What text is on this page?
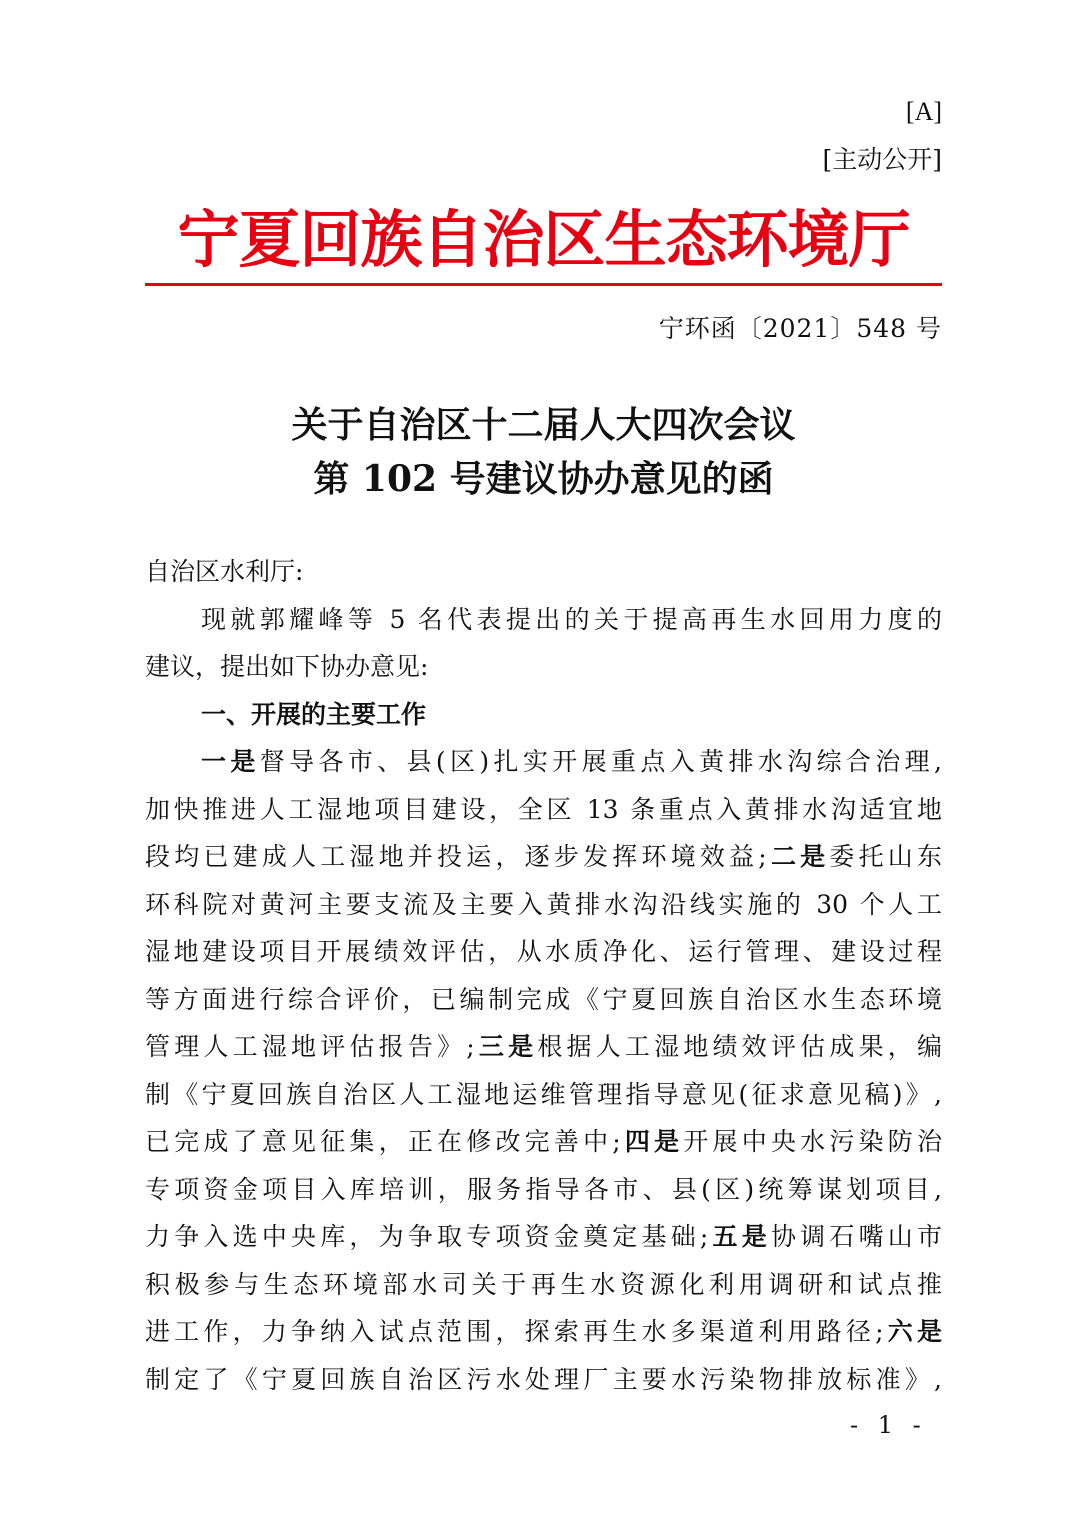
[A]
[主动公开]
宁夏回族自治区生态环境厅
宁环函〔2021〕548 号
关于自治区十二届人大四次会议
第 102 号建议协办意见的函
自治区水利厅:
现就郭耀峰等 5 名代表提出的关于提高再生水回用力度的
建议，提出如下协办意见:
一、开展的主要工作
一是督导各市、县(区)扎实开展重点入黄排水沟综合治理,
加快推进人工湿地项目建设，全区 13 条重点入黄排水沟适宜地
段均已建成人工湿地并投运，逐步发挥环境效益;二是委托山东
环科院对黄河主要支流及主要入黄排水沟沿线实施的 30 个人工
湿地建设项目开展绩效评估，从水质净化、运行管理、建设过程
等方面进行综合评价，已编制完成《宁夏回族自治区水生态环境
管理人工湿地评估报告》;三是根据人工湿地绩效评估成果，编
制《宁夏回族自治区人工湿地运维管理指导意见(征求意见稿)》,
已完成了意见征集，正在修改完善中;四是开展中央水污染防治
专项资金项目入库培训，服务指导各市、县(区)统筹谋划项目,
力争入选中央库，为争取专项资金奠定基础;五是协调石嘴山市
积极参与生态环境部水司关于再生水资源化利用调研和试点推
进工作，力争纳入试点范围，探索再生水多渠道利用路径;六是
制定了《宁夏回族自治区污水处理厂主要水污染物排放标准》,
- 1 -
